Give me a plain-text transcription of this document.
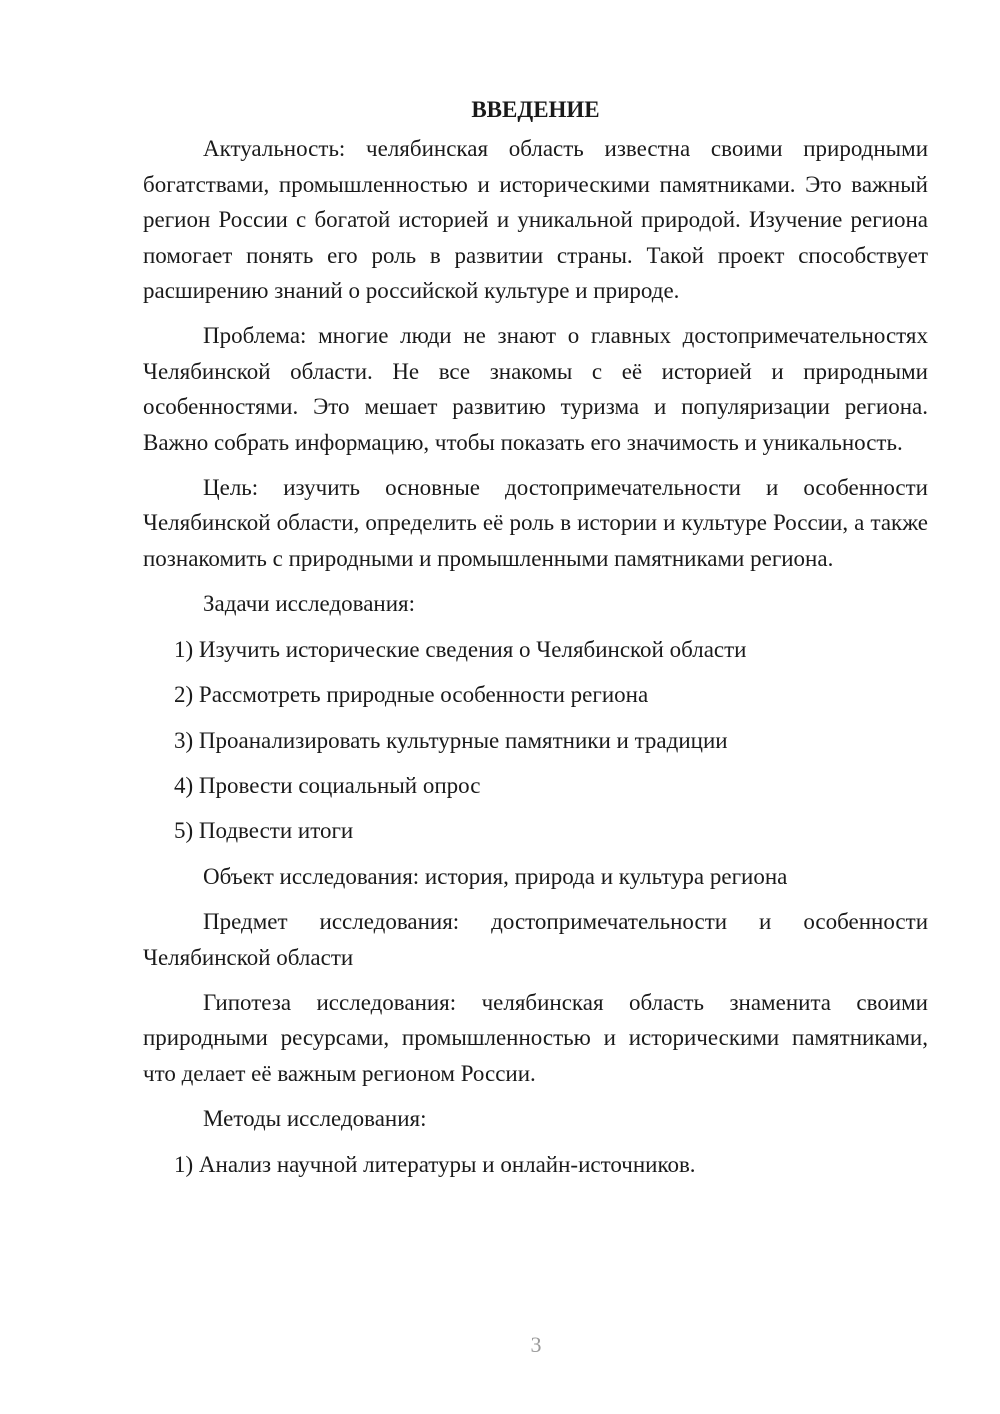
ВВЕДЕНИЕ

Актуальность: челябинская область известна своими природными богатствами, промышленностью и историческими памятниками. Это важный регион России с богатой историей и уникальной природой. Изучение региона помогает понять его роль в развитии страны. Такой проект способствует расширению знаний о российской культуре и природе.

Проблема: многие люди не знают о главных достопримечательностях Челябинской области. Не все знакомы с её историей и природными особенностями. Это мешает развитию туризма и популяризации региона. Важно собрать информацию, чтобы показать его значимость и уникальность.

Цель: изучить основные достопримечательности и особенности Челябинской области, определить её роль в истории и культуре России, а также познакомить с природными и промышленными памятниками региона.

Задачи исследования:

1) Изучить исторические сведения о Челябинской области

2) Рассмотреть природные особенности региона

3) Проанализировать культурные памятники и традиции

4) Провести социальный опрос

5) Подвести итоги

Объект исследования: история, природа и культура региона

Предмет исследования: достопримечательности и особенности Челябинской области

Гипотеза исследования: челябинская область знаменита своими природными ресурсами, промышленностью и историческими памятниками, что делает её важным регионом России.

Методы исследования:

1) Анализ научной литературы и онлайн-источников.

3
